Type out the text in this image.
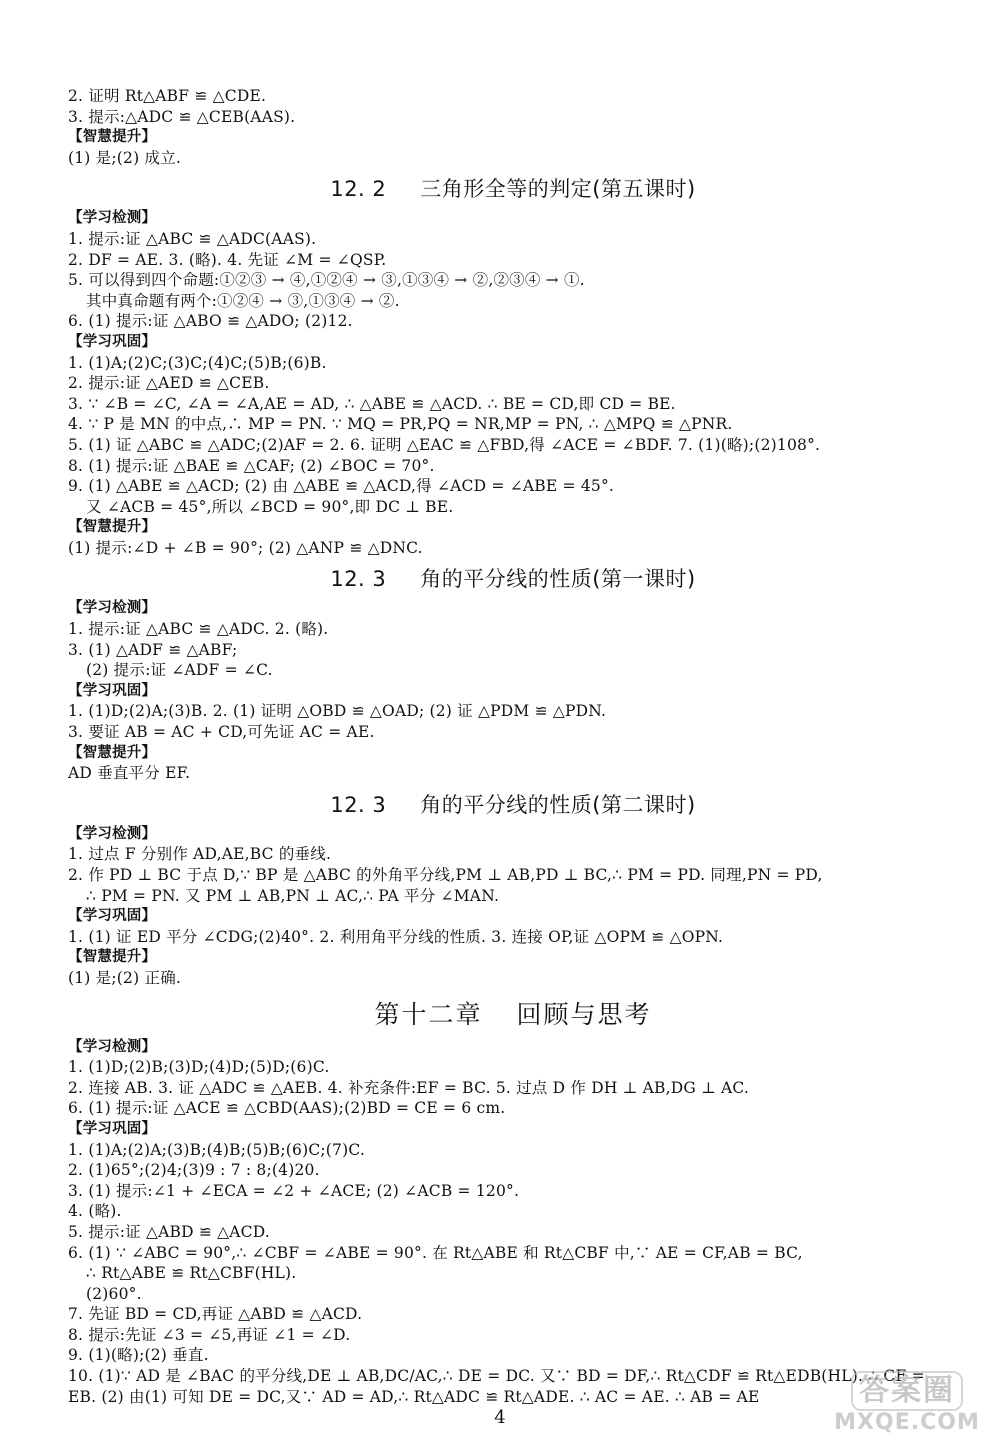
2. 证明 Rt△ABF ≌ △CDE.
3. 提示:△ADC ≌ △CEB(AAS).
【智慧提升】
(1) 是;(2) 成立.
12. 2 三角形全等的判定(第五课时)
【学习检测】
1. 提示:证 △ABC ≌ △ADC(AAS).
2. DF = AE. 3. (略). 4. 先证 ∠M = ∠QSP.
5. 可以得到四个命题:①②③ → ④,①②④ → ③,①③④ → ②,②③④ → ①.
其中真命题有两个:①②④ → ③,①③④ → ②.
6. (1) 提示:证 △ABO ≌ △ADO; (2)12.
【学习巩固】
1. (1)A;(2)C;(3)C;(4)C;(5)B;(6)B.
2. 提示:证 △AED ≌ △CEB.
3. ∵ ∠B = ∠C, ∠A = ∠A,AE = AD, ∴ △ABE ≌ △ACD. ∴ BE = CD,即 CD = BE.
4. ∵ P 是 MN 的中点,∴ MP = PN. ∵ MQ = PR,PQ = NR,MP = PN, ∴ △MPQ ≌ △PNR.
5. (1) 证 △ABC ≌ △ADC;(2)AF = 2. 6. 证明 △EAC ≌ △FBD,得 ∠ACE = ∠BDF. 7. (1)(略);(2)108°.
8. (1) 提示:证 △BAE ≌ △CAF; (2) ∠BOC = 70°.
9. (1) △ABE ≌ △ACD; (2) 由 △ABE ≌ △ACD,得 ∠ACD = ∠ABE = 45°.
又 ∠ACB = 45°,所以 ∠BCD = 90°,即 DC ⊥ BE.
【智慧提升】
(1) 提示:∠D + ∠B = 90°; (2) △ANP ≌ △DNC.
12. 3 角的平分线的性质(第一课时)
【学习检测】
1. 提示:证 △ABC ≌ △ADC. 2. (略).
3. (1) △ADF ≌ △ABF;
(2) 提示:证 ∠ADF = ∠C.
【学习巩固】
1. (1)D;(2)A;(3)B. 2. (1) 证明 △OBD ≌ △OAD; (2) 证 △PDM ≌ △PDN.
3. 要证 AB = AC + CD,可先证 AC = AE.
【智慧提升】
AD 垂直平分 EF.
12. 3 角的平分线的性质(第二课时)
【学习检测】
1. 过点 F 分别作 AD,AE,BC 的垂线.
2. 作 PD ⊥ BC 于点 D,∵ BP 是 △ABC 的外角平分线,PM ⊥ AB,PD ⊥ BC,∴ PM = PD. 同理,PN = PD,
∴ PM = PN. 又 PM ⊥ AB,PN ⊥ AC,∴ PA 平分 ∠MAN.
【学习巩固】
1. (1) 证 ED 平分 ∠CDG;(2)40°. 2. 利用角平分线的性质. 3. 连接 OP,证 △OPM ≌ △OPN.
【智慧提升】
(1) 是;(2) 正确.
第十二章 回顾与思考
【学习检测】
1. (1)D;(2)B;(3)D;(4)D;(5)D;(6)C.
2. 连接 AB. 3. 证 △ADC ≌ △AEB. 4. 补充条件:EF = BC. 5. 过点 D 作 DH ⊥ AB,DG ⊥ AC.
6. (1) 提示:证 △ACE ≌ △CBD(AAS);(2)BD = CE = 6 cm.
【学习巩固】
1. (1)A;(2)A;(3)B;(4)B;(5)B;(6)C;(7)C.
2. (1)65°;(2)4;(3)9 : 7 : 8;(4)20.
3. (1) 提示:∠1 + ∠ECA = ∠2 + ∠ACE; (2) ∠ACB = 120°.
4. (略).
5. 提示:证 △ABD ≌ △ACD.
6. (1) ∵ ∠ABC = 90°,∴ ∠CBF = ∠ABE = 90°. 在 Rt△ABE 和 Rt△CBF 中,∵ AE = CF,AB = BC,
∴ Rt△ABE ≌ Rt△CBF(HL).
(2)60°.
7. 先证 BD = CD,再证 △ABD ≌ △ACD.
8. 提示:先证 ∠3 = ∠5,再证 ∠1 = ∠D.
9. (1)(略);(2) 垂直.
10. (1)∵ AD 是 ∠BAC 的平分线,DE ⊥ AB,DC/AC,∴ DE = DC. 又∵ BD = DF,∴ Rt△CDF ≌ Rt△EDB(HL). ∴ CF =
EB. (2) 由(1) 可知 DE = DC,又∵ AD = AD,∴ Rt△ADC ≌ Rt△ADE. ∴ AC = AE. ∴ AB = AE
4
答案圈
MXQE.COM
